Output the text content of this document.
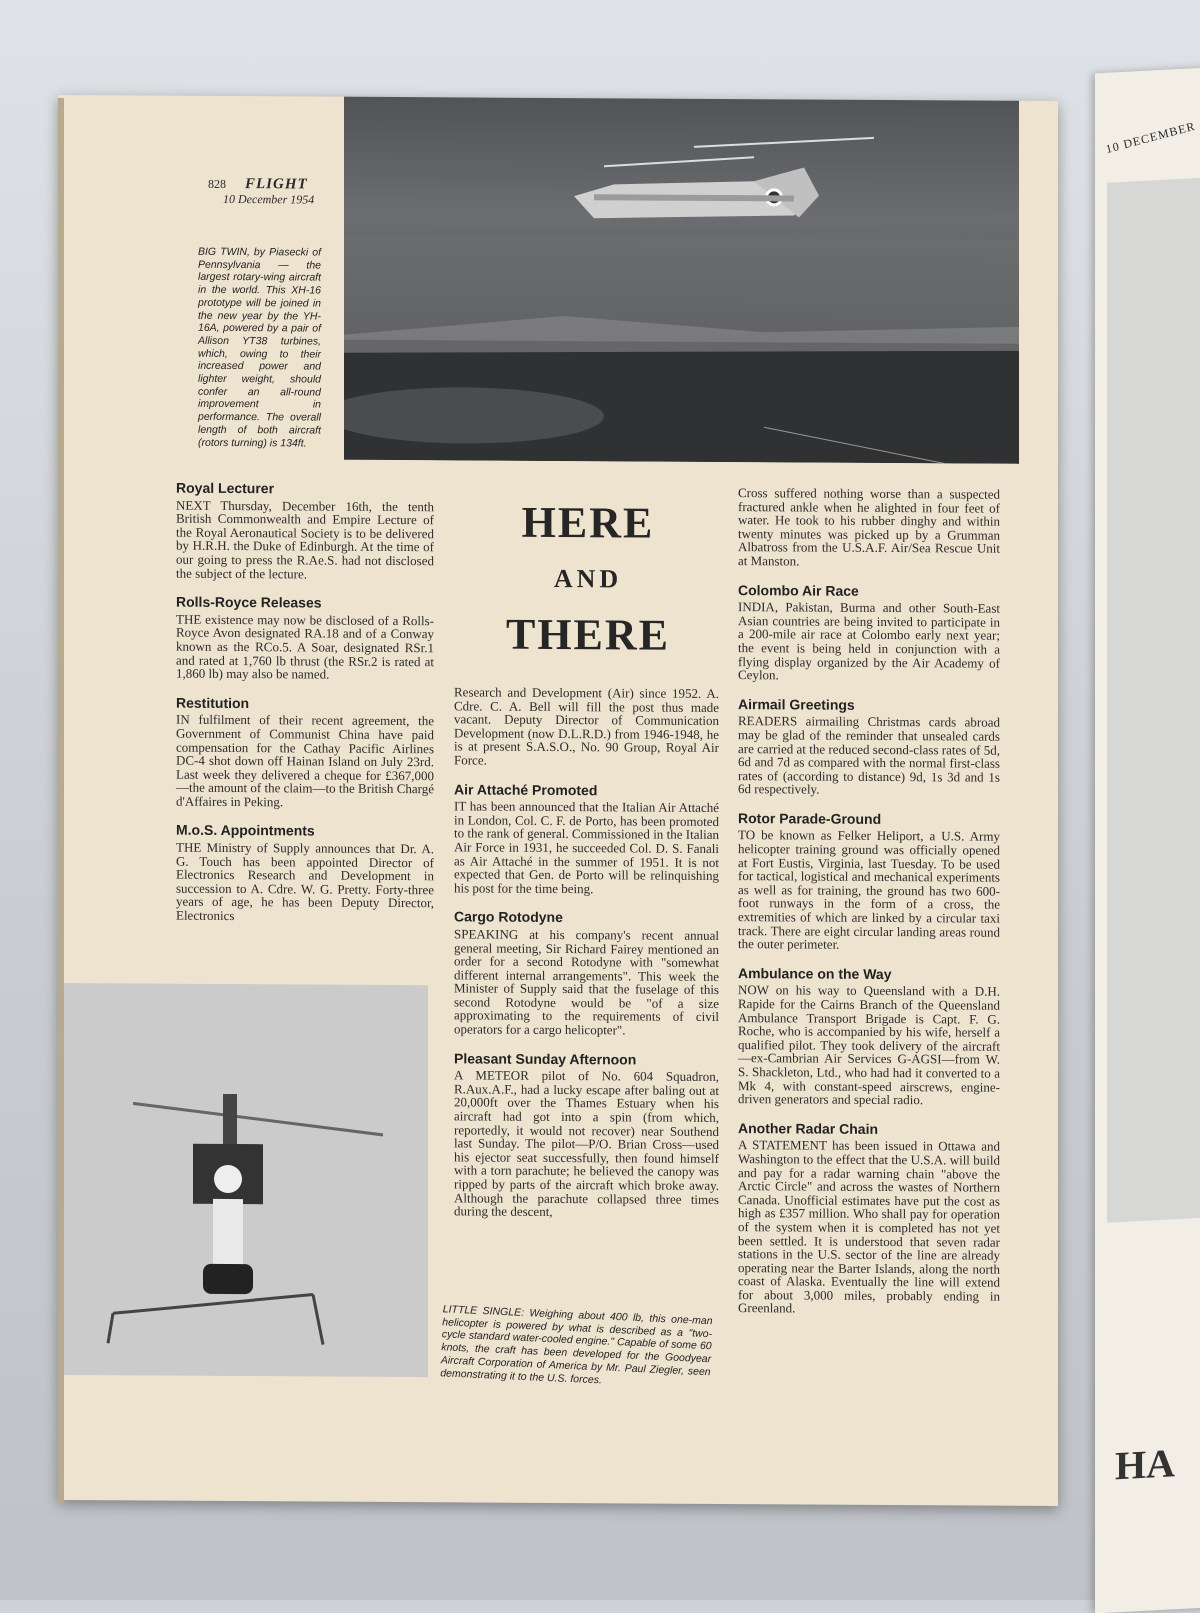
10 DECEMBER
HA
828 FLIGHT
10 December 1954
BIG TWIN, by Piasecki of Pennsylvania — the largest rotary-wing aircraft in the world. This XH-16 prototype will be joined in the new year by the YH-16A, powered by a pair of Allison YT38 turbines, which, owing to their increased power and lighter weight, should confer an all-round improvement in performance. The overall length of both aircraft (rotors turning) is 134ft.
HERE
AND
THERE
Royal Lecturer

NEXT Thursday, December 16th, the tenth British Commonwealth and Empire Lecture of the Royal Aeronautical Society is to be delivered by H.R.H. the Duke of Edinburgh. At the time of our going to press the R.Ae.S. had not disclosed the subject of the lecture.

Rolls-Royce Releases

THE existence may now be disclosed of a Rolls-Royce Avon designated RA.18 and of a Conway known as the RCo.5. A Soar, designated RSr.1 and rated at 1,760 lb thrust (the RSr.2 is rated at 1,860 lb) may also be named.

Restitution

IN fulfilment of their recent agreement, the Government of Communist China have paid compensation for the Cathay Pacific Airlines DC-4 shot down off Hainan Island on July 23rd. Last week they delivered a cheque for £367,000—the amount of the claim—to the British Chargé d'Affaires in Peking.

M.o.S. Appointments

THE Ministry of Supply announces that Dr. A. G. Touch has been appointed Director of Electronics Research and Development in succession to A. Cdre. W. G. Pretty. Forty-three years of age, he has been Deputy Director, Electronics

Research and Development (Air) since 1952. A. Cdre. C. A. Bell will fill the post thus made vacant. Deputy Director of Communication Development (now D.L.R.D.) from 1946-1948, he is at present S.A.S.O., No. 90 Group, Royal Air Force.

Air Attaché Promoted

IT has been announced that the Italian Air Attaché in London, Col. C. F. de Porto, has been promoted to the rank of general. Commissioned in the Italian Air Force in 1931, he succeeded Col. D. S. Fanali as Air Attaché in the summer of 1951. It is not expected that Gen. de Porto will be relinquishing his post for the time being.

Cargo Rotodyne

SPEAKING at his company's recent annual general meeting, Sir Richard Fairey mentioned an order for a second Rotodyne with "somewhat different internal arrangements". This week the Minister of Supply said that the fuselage of this second Rotodyne would be "of a size approximating to the requirements of civil operators for a cargo helicopter".

Pleasant Sunday Afternoon

A METEOR pilot of No. 604 Squadron, R.Aux.A.F., had a lucky escape after baling out at 20,000ft over the Thames Estuary when his aircraft had got into a spin (from which, reportedly, it would not recover) near Southend last Sunday. The pilot—P/O. Brian Cross—used his ejector seat successfully, then found himself with a torn parachute; he believed the canopy was ripped by parts of the aircraft which broke away. Although the parachute collapsed three times during the descent,

LITTLE SINGLE: Weighing about 400 lb, this one-man helicopter is powered by what is described as a "two-cycle standard water-cooled engine." Capable of some 60 knots, the craft has been developed for the Goodyear Aircraft Corporation of America by Mr. Paul Ziegler, seen demonstrating it to the U.S. forces.

Cross suffered nothing worse than a suspected fractured ankle when he alighted in four feet of water. He took to his rubber dinghy and within twenty minutes was picked up by a Grumman Albatross from the U.S.A.F. Air/Sea Rescue Unit at Manston.

Colombo Air Race

INDIA, Pakistan, Burma and other South-East Asian countries are being invited to participate in a 200-mile air race at Colombo early next year; the event is being held in conjunction with a flying display organized by the Air Academy of Ceylon.

Airmail Greetings

READERS airmailing Christmas cards abroad may be glad of the reminder that unsealed cards are carried at the reduced second-class rates of 5d, 6d and 7d as compared with the normal first-class rates of (according to distance) 9d, 1s 3d and 1s 6d respectively.

Rotor Parade-Ground

TO be known as Felker Heliport, a U.S. Army helicopter training ground was officially opened at Fort Eustis, Virginia, last Tuesday. To be used for tactical, logistical and mechanical experiments as well as for training, the ground has two 600-foot runways in the form of a cross, the extremities of which are linked by a circular taxi track. There are eight circular landing areas round the outer perimeter.

Ambulance on the Way

NOW on his way to Queensland with a D.H. Rapide for the Cairns Branch of the Queensland Ambulance Transport Brigade is Capt. F. G. Roche, who is accompanied by his wife, herself a qualified pilot. They took delivery of the aircraft—ex-Cambrian Air Services G-AGSI—from W. S. Shackleton, Ltd., who had had it converted to a Mk 4, with constant-speed airscrews, engine-driven generators and special radio.

Another Radar Chain

A STATEMENT has been issued in Ottawa and Washington to the effect that the U.S.A. will build and pay for a radar warning chain "above the Arctic Circle" and across the wastes of Northern Canada. Unofficial estimates have put the cost as high as £357 million. Who shall pay for operation of the system when it is completed has not yet been settled. It is understood that seven radar stations in the U.S. sector of the line are already operating near the Barter Islands, along the north coast of Alaska. Eventually the line will extend for about 3,000 miles, probably ending in Greenland.
